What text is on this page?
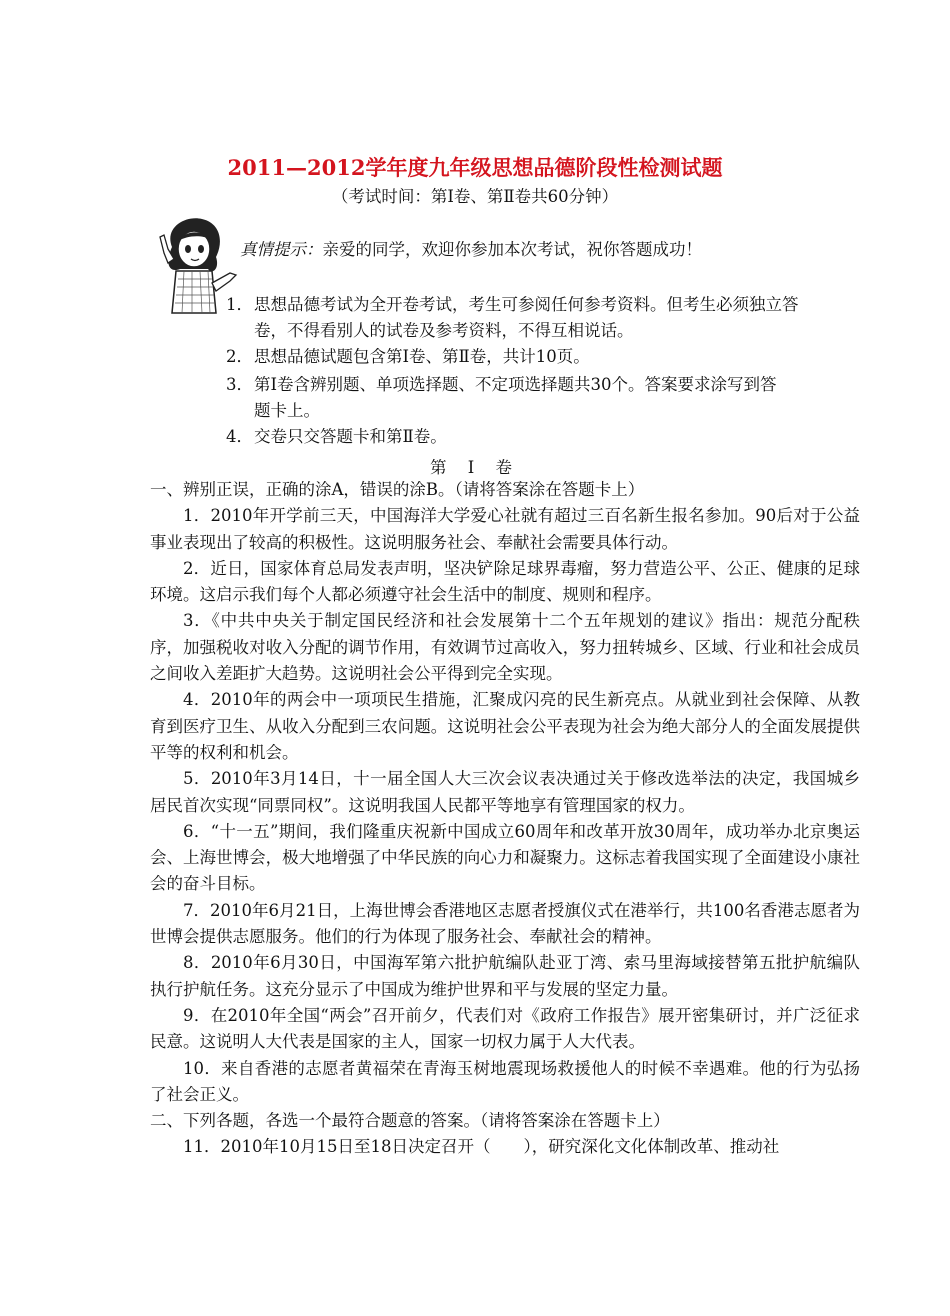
2011—2012学年度九年级思想品德阶段性检测试题
（考试时间：第Ⅰ卷、第Ⅱ卷共60分钟）
真情提示：亲爱的同学，欢迎你参加本次考试，祝你答题成功！
1． 思想品德考试为全开卷考试，考生可参阅任何参考资料。但考生必须独立答
卷，不得看别人的试卷及参考资料，不得互相说话。
2． 思想品德试题包含第Ⅰ卷、第Ⅱ卷，共计10页。
3． 第Ⅰ卷含辨别题、单项选择题、不定项选择题共30个。答案要求涂写到答
题卡上。
4． 交卷只交答题卡和第Ⅱ卷。
第 Ⅰ 卷

一、辨别正误，正确的涂A，错误的涂B。（请将答案涂在答题卡上）

1．2010年开学前三天，中国海洋大学爱心社就有超过三百名新生报名参加。90后对于公益事业表现出了较高的积极性。这说明服务社会、奉献社会需要具体行动。

2．近日，国家体育总局发表声明，坚决铲除足球界毒瘤，努力营造公平、公正、健康的足球环境。这启示我们每个人都必须遵守社会生活中的制度、规则和程序。

3．《中共中央关于制定国民经济和社会发展第十二个五年规划的建议》指出：规范分配秩序，加强税收对收入分配的调节作用，有效调节过高收入，努力扭转城乡、区域、行业和社会成员之间收入差距扩大趋势。这说明社会公平得到完全实现。

4．2010年的两会中一项项民生措施，汇聚成闪亮的民生新亮点。从就业到社会保障、从教育到医疗卫生、从收入分配到三农问题。这说明社会公平表现为社会为绝大部分人的全面发展提供平等的权利和机会。

5．2010年3月14日，十一届全国人大三次会议表决通过关于修改选举法的决定，我国城乡居民首次实现“同票同权”。这说明我国人民都平等地享有管理国家的权力。

6．“十一五”期间，我们隆重庆祝新中国成立60周年和改革开放30周年，成功举办北京奥运会、上海世博会，极大地增强了中华民族的向心力和凝聚力。这标志着我国实现了全面建设小康社会的奋斗目标。

7．2010年6月21日，上海世博会香港地区志愿者授旗仪式在港举行，共100名香港志愿者为世博会提供志愿服务。他们的行为体现了服务社会、奉献社会的精神。

8．2010年6月30日，中国海军第六批护航编队赴亚丁湾、索马里海域接替第五批护航编队执行护航任务。这充分显示了中国成为维护世界和平与发展的坚定力量。

9．在2010年全国“两会”召开前夕，代表们对《政府工作报告》展开密集研讨，并广泛征求民意。这说明人大代表是国家的主人，国家一切权力属于人大代表。

10．来自香港的志愿者黄福荣在青海玉树地震现场救援他人的时候不幸遇难。他的行为弘扬了社会正义。

二、下列各题，各选一个最符合题意的答案。（请将答案涂在答题卡上）

11．2010年10月15日至18日决定召开（　　），研究深化文化体制改革、推动社
